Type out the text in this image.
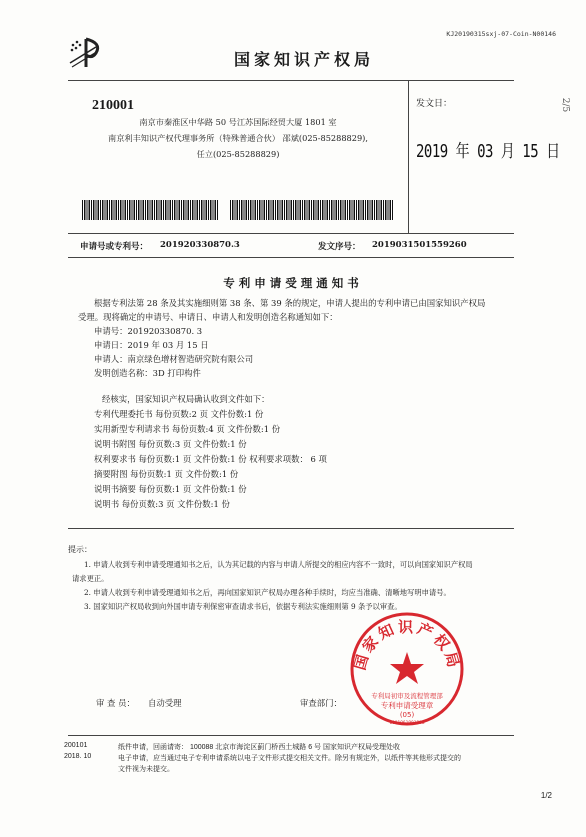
KJ20190315sxj-07-Coin-N00146
国家知识产权局
210001
南京市秦淮区中华路 50 号江苏国际经贸大厦 1801 室
南京利丰知识产权代理事务所（特殊普通合伙） 邵斌(025-85288829),
任立(025-85288829)
发文日：
2019 年 03 月 15 日
申请号或专利号： 201920330870.3	发文序号： 2019031501559260
专利申请受理通知书
根据专利法第 28 条及其实施细则第 38 条、第 39 条的规定，申请人提出的专利申请已由国家知识产权局
受理。现将确定的申请号、申请日、申请人和发明创造名称通知如下：
申请号：201920330870. 3
申请日：2019 年 03 月 15 日
申请人：南京绿色增材智造研究院有限公司
发明创造名称：3D 打印构件
经核实，国家知识产权局确认收到文件如下：
专利代理委托书 每份页数:2 页 文件份数:1 份
实用新型专利请求书 每份页数:4 页 文件份数:1 份
说明书附图 每份页数:3 页 文件份数:1 份
权利要求书 每份页数:1 页 文件份数:1 份 权利要求项数： 6 项
摘要附图 每份页数:1 页 文件份数:1 份
说明书摘要 每份页数:1 页 文件份数:1 份
说明书 每份页数:3 页 文件份数:1 份
提示：
1. 申请人收到专利申请受理通知书之后，认为其记载的内容与申请人所提交的相应内容不一致时，可以向国家知识产权局
请求更正。
2. 申请人收到专利申请受理通知书之后，再向国家知识产权局办理各种手续时，均应当准确、清晰地写明申请号。
3. 国家知识产权局收到向外国申请专利保密审查请求书后，依据专利法实施细则第 9 条予以审查。
国家知识产权局
专利局初审及流程管理部
专利申请受理章
(05)
1101961901986
审 查 员： 自动受理	审查部门：
200101
2018. 10
纸件申请，回函请寄： 100088 北京市海淀区蓟门桥西土城路 6 号 国家知识产权局受理处收
电子申请，应当通过电子专利申请系统以电子文件形式提交相关文件。除另有规定外，以纸件等其他形式提交的
文件视为未提交。
1/2
2/5
